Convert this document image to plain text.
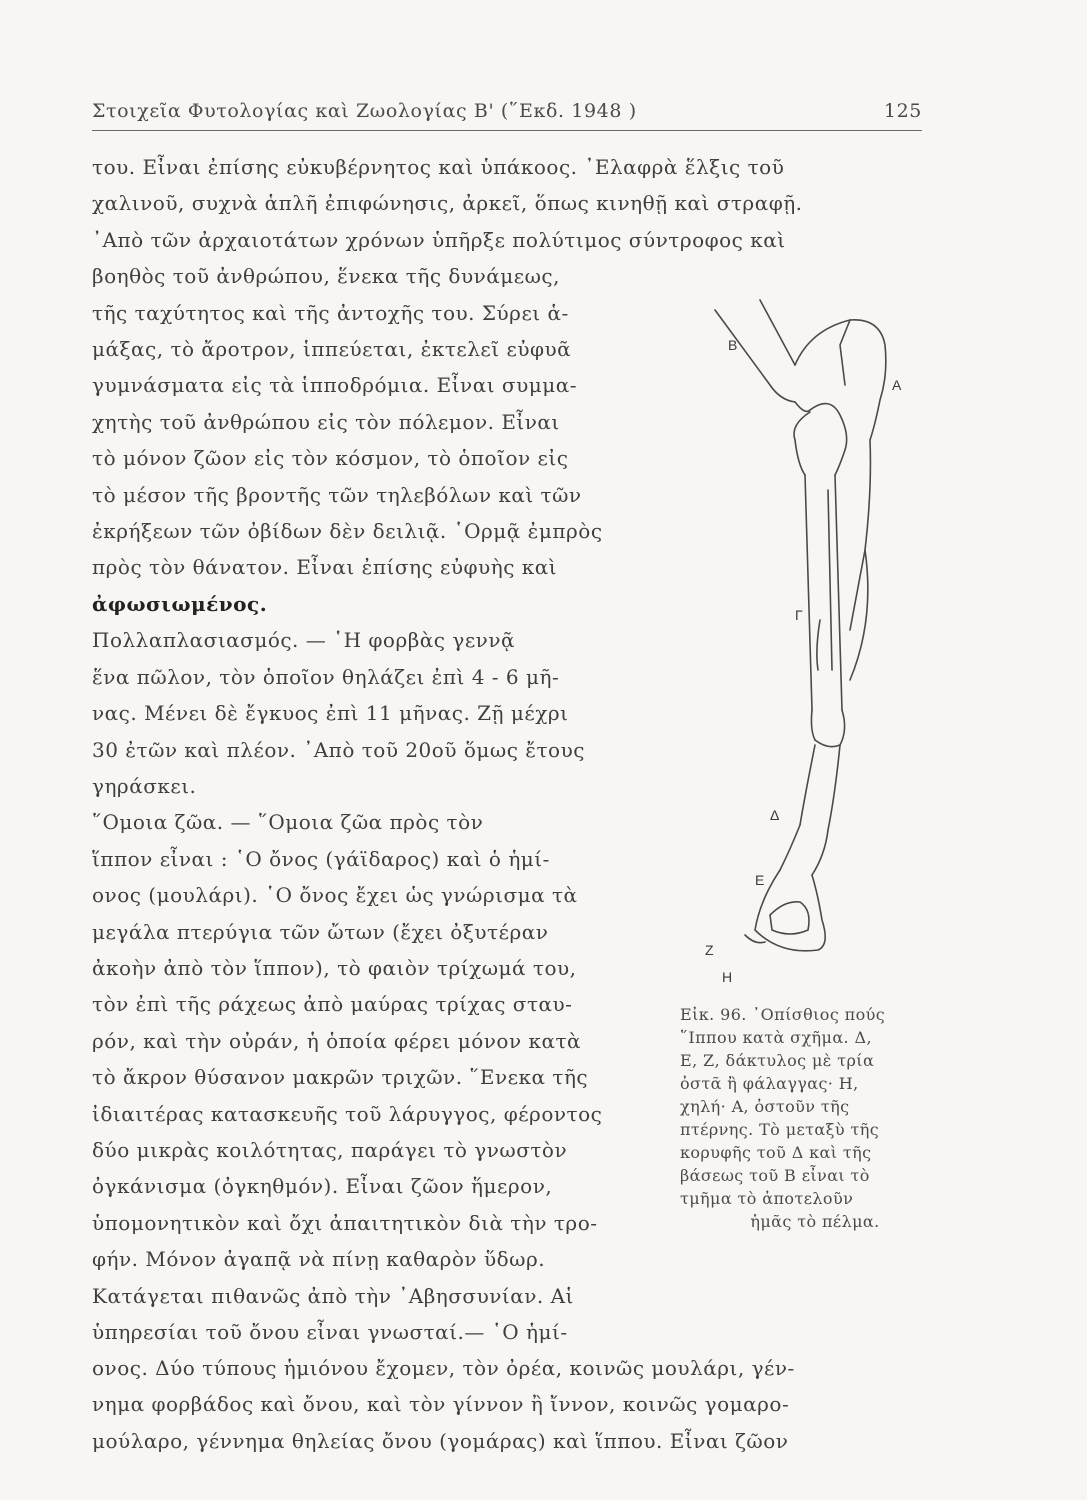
Στοιχεῖα Φυτολογίας καὶ Ζωολογίας Β' (῞Εκδ. 1948 )	125
του. Εἶναι ἐπίσης εὐκυβέρνητος καὶ ὑπάκοος. ᾿Ελαφρὰ ἕλξις τοῦ
χαλινοῦ, συχνὰ ἁπλῆ ἐπιφώνησις, ἀρκεῖ, ὅπως κινηθῇ καὶ στραφῇ.
᾿Απὸ τῶν ἀρχαιοτάτων χρόνων ὑπῆρξε πολύτιμος σύντροφος καὶ
βοηθὸς τοῦ ἀνθρώπου, ἕνεκα τῆς δυνάμεως,
τῆς ταχύτητος καὶ τῆς ἀντοχῆς του. Σύρει ἁ-
μάξας, τὸ ἄροτρον, ἱππεύεται, ἐκτελεῖ εὐφυᾶ
γυμνάσματα εἰς τὰ ἱπποδρόμια. Εἶναι συμμα-
χητὴς τοῦ ἀνθρώπου εἰς τὸν πόλεμον. Εἶναι
τὸ μόνον ζῶον εἰς τὸν κόσμον, τὸ ὁποῖον εἰς
τὸ μέσον τῆς βροντῆς τῶν τηλεβόλων καὶ τῶν
ἐκρήξεων τῶν ὀβίδων δὲν δειλιᾷ. ῾Ορμᾷ ἐμπρὸς
πρὸς τὸν θάνατον. Εἶναι ἐπίσης εὐφυὴς καὶ
ἀφωσιωμένος.
Πολλαπλασιασμός. — ῾Η φορβὰς γεννᾷ
ἕνα πῶλον, τὸν ὁποῖον θηλάζει ἐπὶ 4 - 6 μῆ-
νας. Μένει δὲ ἔγκυος ἐπὶ 11 μῆνας. Ζῇ μέχρι
30 ἐτῶν καὶ πλέον. ᾿Απὸ τοῦ 20οῦ ὅμως ἔτους
γηράσκει.
῞Ομοια ζῶα. — ῞Ομοια ζῶα πρὸς τὸν
ἵππον εἶναι : ῾Ο ὄνος (γάϊδαρος) καὶ ὁ ἡμί-
ονος (μουλάρι). ῾Ο ὄνος ἔχει ὡς γνώρισμα τὰ
μεγάλα πτερύγια τῶν ὤτων (ἔχει ὀξυτέραν
ἀκοὴν ἀπὸ τὸν ἵππον), τὸ φαιὸν τρίχωμά του,
τὸν ἐπὶ τῆς ράχεως ἀπὸ μαύρας τρίχας σταυ-
ρόν, καὶ τὴν οὐράν, ἡ ὁποία φέρει μόνον κατὰ
τὸ ἄκρον θύσανον μακρῶν τριχῶν. ῞Ενεκα τῆς
ἰδιαιτέρας κατασκευῆς τοῦ λάρυγγος, φέροντος
δύο μικρὰς κοιλότητας, παράγει τὸ γνωστὸν
ὀγκάνισμα (ὀγκηθμόν). Εἶναι ζῶον ἥμερον,
ὑπομονητικὸν καὶ ὄχι ἀπαιτητικὸν διὰ τὴν τρο-
φήν. Μόνον ἀγαπᾷ νὰ πίνῃ καθαρὸν ὕδωρ.
Κατάγεται πιθανῶς ἀπὸ τὴν ᾿Αβησσυνίαν. Αἱ
ὑπηρεσίαι τοῦ ὄνου εἶναι γνωσταί.— ῾Ο ἡμί-
ονος. Δύο τύπους ἡμιόνου ἔχομεν, τὸν ὀρέα, κοινῶς μουλάρι, γέν-
νημα φορβάδος καὶ ὄνου, καὶ τὸν γίννον ἢ ἴννον, κοινῶς γομαρο-
μούλαρο, γέννημα θηλείας ὄνου (γομάρας) καὶ ἵππου. Εἶναι ζῶον
Β
Α
Γ
Δ
Ε
Ζ
Η
Εἰκ. 96. ᾿Οπίσθιος πούς
῞Ιππου κατὰ σχῆμα. Δ,
Ε, Ζ, δάκτυλος μὲ τρία
ὀστᾶ ἢ φάλαγγας· Η,
χηλή· Α, ὀστοῦν τῆς
πτέρνης. Τὸ μεταξὺ τῆς
κορυφῆς τοῦ Δ καὶ τῆς
βάσεως τοῦ Β εἶναι τὸ
τμῆμα τὸ ἀποτελοῦν
ἡμᾶς τὸ πέλμα.
